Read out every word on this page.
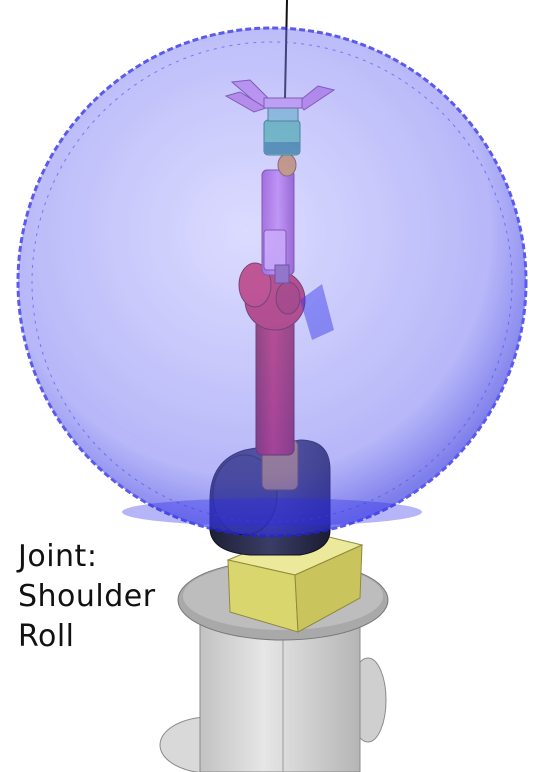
Joint:
Shoulder
Roll
